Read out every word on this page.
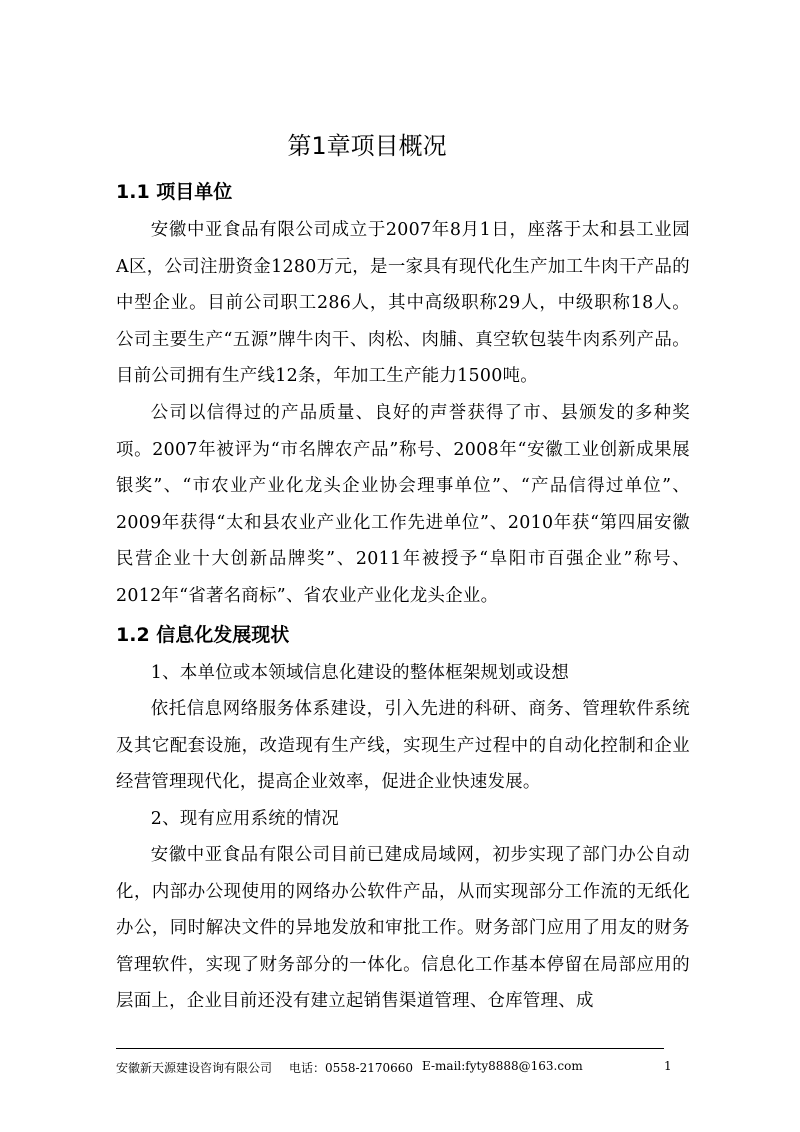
第1章项目概况
1.1 项目单位
安徽中亚食品有限公司成立于2007年8月1日，座落于太和县工业园A区，公司注册资金1280万元，是一家具有现代化生产加工牛肉干产品的中型企业。目前公司职工286人，其中高级职称29人，中级职称18人。公司主要生产“五源”牌牛肉干、肉松、肉脯、真空软包装牛肉系列产品。目前公司拥有生产线12条，年加工生产能力1500吨。
公司以信得过的产品质量、良好的声誉获得了市、县颁发的多种奖项。2007年被评为“市名牌农产品”称号、2008年“安徽工业创新成果展银奖”、“市农业产业化龙头企业协会理事单位”、“产品信得过单位”、2009年获得“太和县农业产业化工作先进单位”、2010年获“第四届安徽民营企业十大创新品牌奖”、2011年被授予“阜阳市百强企业”称号、2012年“省著名商标”、省农业产业化龙头企业。
1.2 信息化发展现状
1、本单位或本领域信息化建设的整体框架规划或设想
依托信息网络服务体系建设，引入先进的科研、商务、管理软件系统及其它配套设施，改造现有生产线，实现生产过程中的自动化控制和企业经营管理现代化，提高企业效率，促进企业快速发展。
2、现有应用系统的情况
安徽中亚食品有限公司目前已建成局域网，初步实现了部门办公自动化，内部办公现使用的网络办公软件产品，从而实现部分工作流的无纸化办公，同时解决文件的异地发放和审批工作。财务部门应用了用友的财务管理软件，实现了财务部分的一体化。信息化工作基本停留在局部应用的层面上，企业目前还没有建立起销售渠道管理、仓库管理、成
安徽新天源建设咨询有限公司 电话：0558-2170660 E-mail:fyty8888@163.com	1
